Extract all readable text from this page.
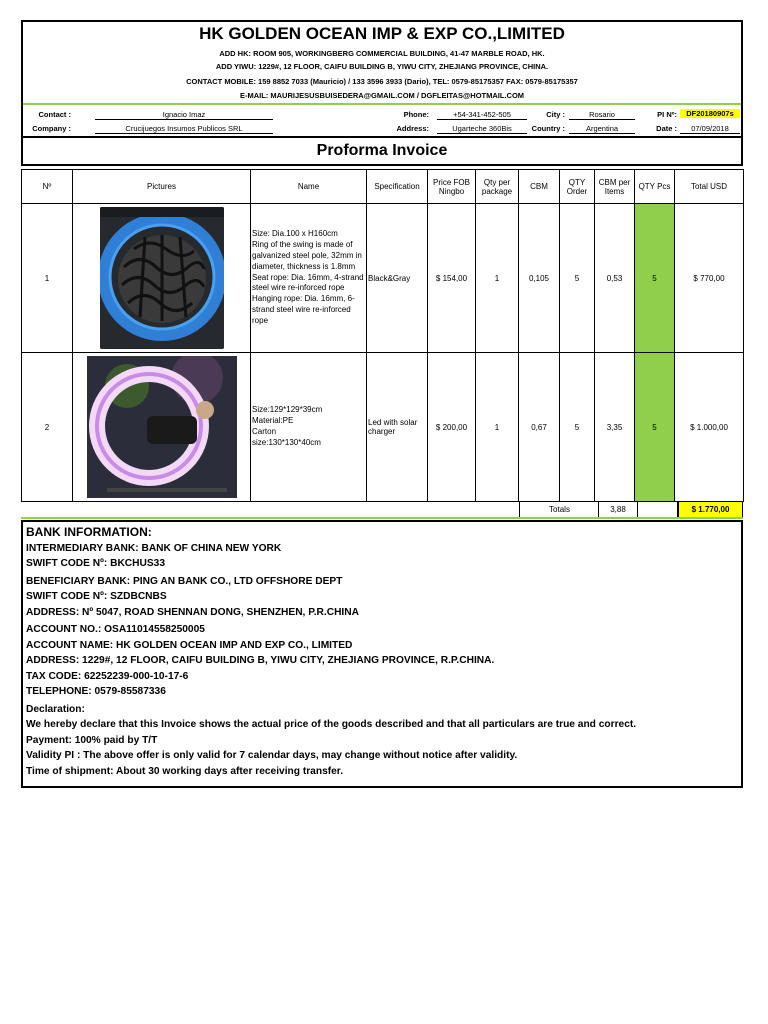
HK GOLDEN OCEAN IMP & EXP CO.,LIMITED
ADD HK: ROOM 905, WORKINGBERG COMMERCIAL BUILDING, 41-47 MARBLE ROAD, HK.
ADD YIWU: 1229#, 12 FLOOR, CAIFU BUILDING B, YIWU CITY, ZHEJIANG PROVINCE, CHINA.
CONTACT MOBILE: 159 8852 7033 (Mauricio) / 133 3596 3933 (Dario), TEL: 0579-85175357 FAX: 0579-85175357
E-MAIL: MAURIJESUSBUISEDERA@GMAIL.COM / DGFLEITAS@HOTMAIL.COM
Contact :	Ignacio Imaz
Company :	Crucijuegos Insumos Publicos SRL
Phone:	+54-341-452-505
Address:	Ugarteche 360Bis
City :	Rosario
Country :	Argentina
PI Nº:	DF20180907s
Date :	07/09/2018
Proforma Invoice
Nº	Pictures	Name	Specification	Price FOB Ningbo	Qty per package	CBM	QTY Order	CBM per Items	QTY Pcs	Total USD
1		Size: Dia.100 x H160cm
Ring of the swing is made of galvanized steel pole, 32mm in diameter, thickness is 1.8mm
Seat rope: Dia. 16mm, 4-strand steel wire re-inforced rope
Hanging rope: Dia. 16mm, 6-strand steel wire re-inforced rope	Black&Gray	$ 154,00	1	0,105	5	0,53	5	$ 770,00
2		Size:129*129*39cm
Material:PE
Carton
size:130*130*40cm	Led with solar charger	$ 200,00	1	0,67	5	3,35	5	$ 1.000,00
Totals	3,88	$ 1.770,00

BANK INFORMATION:

INTERMEDIARY BANK: BANK OF CHINA NEW YORK

SWIFT CODE Nº: BKCHUS33

BENEFICIARY BANK: PING AN BANK CO., LTD OFFSHORE DEPT

SWIFT CODE Nº: SZDBCNBS

ADDRESS: Nº 5047, ROAD SHENNAN DONG, SHENZHEN, P.R.CHINA

ACCOUNT NO.: OSA11014558250005

ACCOUNT NAME: HK GOLDEN OCEAN IMP AND EXP CO., LIMITED

ADDRESS: 1229#, 12 FLOOR, CAIFU BUILDING B, YIWU CITY, ZHEJIANG PROVINCE, R.P.CHINA.

TAX CODE: 62252239-000-10-17-6

TELEPHONE: 0579-85587336

Declaration:

We hereby declare that this Invoice shows the actual price of the goods described and that all particulars are true and correct.

Payment: 100% paid by T/T

Validity PI : The above offer is only valid for 7 calendar days, may change without notice after validity.

Time of shipment: About 30 working days after receiving transfer.
